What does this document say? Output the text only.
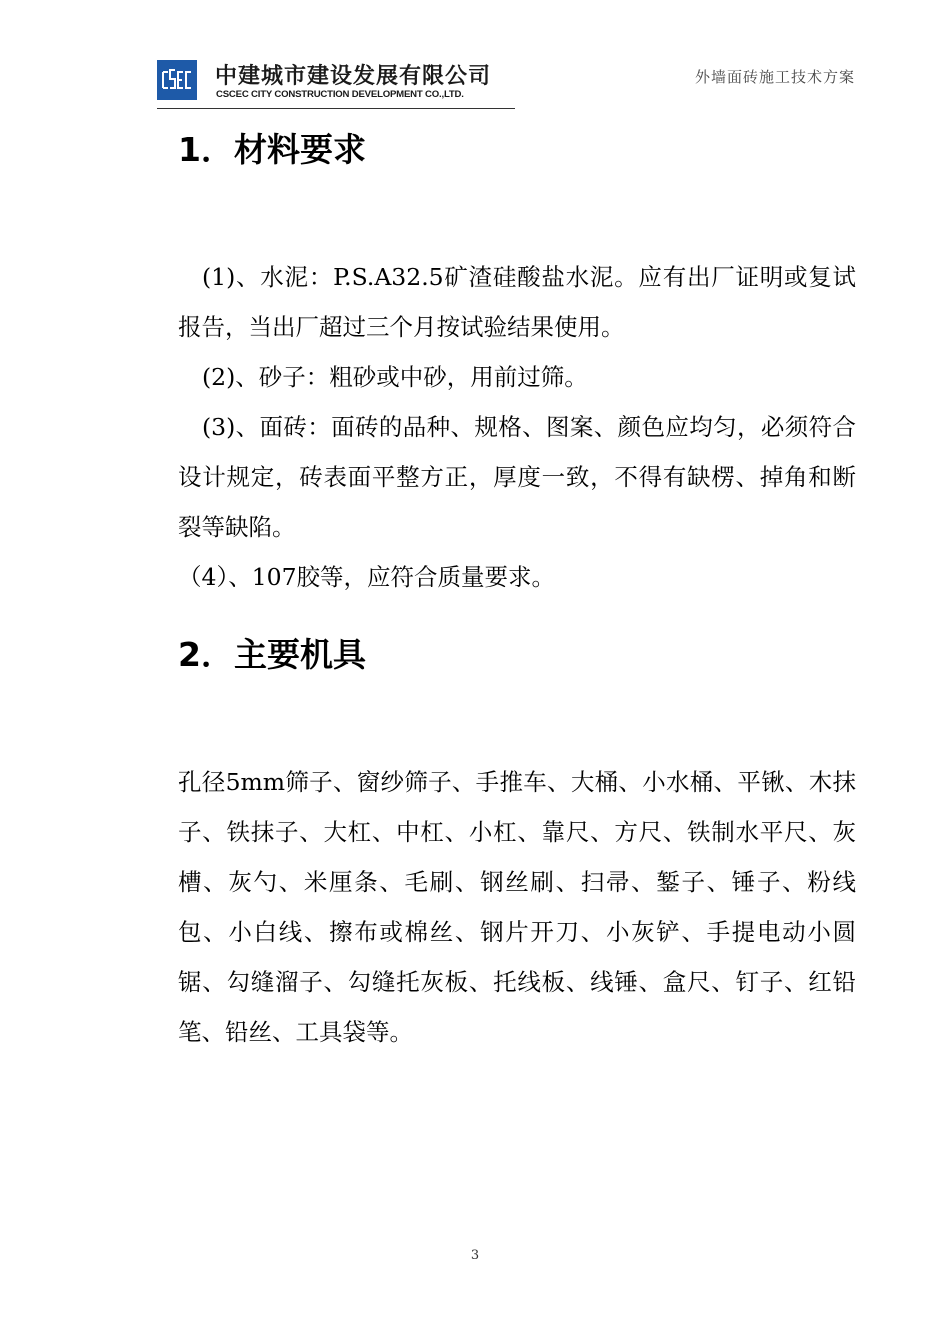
中建城市建设发展有限公司
CSCEC CITY CONSTRUCTION DEVELOPMENT CO.,LTD.
外墙面砖施工技术方案
1．材料要求
(1)、水泥：P.S.A32.5矿渣硅酸盐水泥。应有出厂证明或复试报告，当出厂超过三个月按试验结果使用。
(2)、砂子：粗砂或中砂，用前过筛。
(3)、面砖：面砖的品种、规格、图案、颜色应均匀，必须符合设计规定，砖表面平整方正，厚度一致，不得有缺楞、掉角和断裂等缺陷。
（4）、107胶等，应符合质量要求。
2．主要机具
孔径5mm筛子、窗纱筛子、手推车、大桶、小水桶、平锹、木抹子、铁抹子、大杠、中杠、小杠、靠尺、方尺、铁制水平尺、灰槽、灰勺、米厘条、毛刷、钢丝刷、扫帚、錾子、锤子、粉线包、小白线、擦布或棉丝、钢片开刀、小灰铲、手提电动小圆锯、勾缝溜子、勾缝托灰板、托线板、线锤、盒尺、钉子、红铅笔、铅丝、工具袋等。
3
